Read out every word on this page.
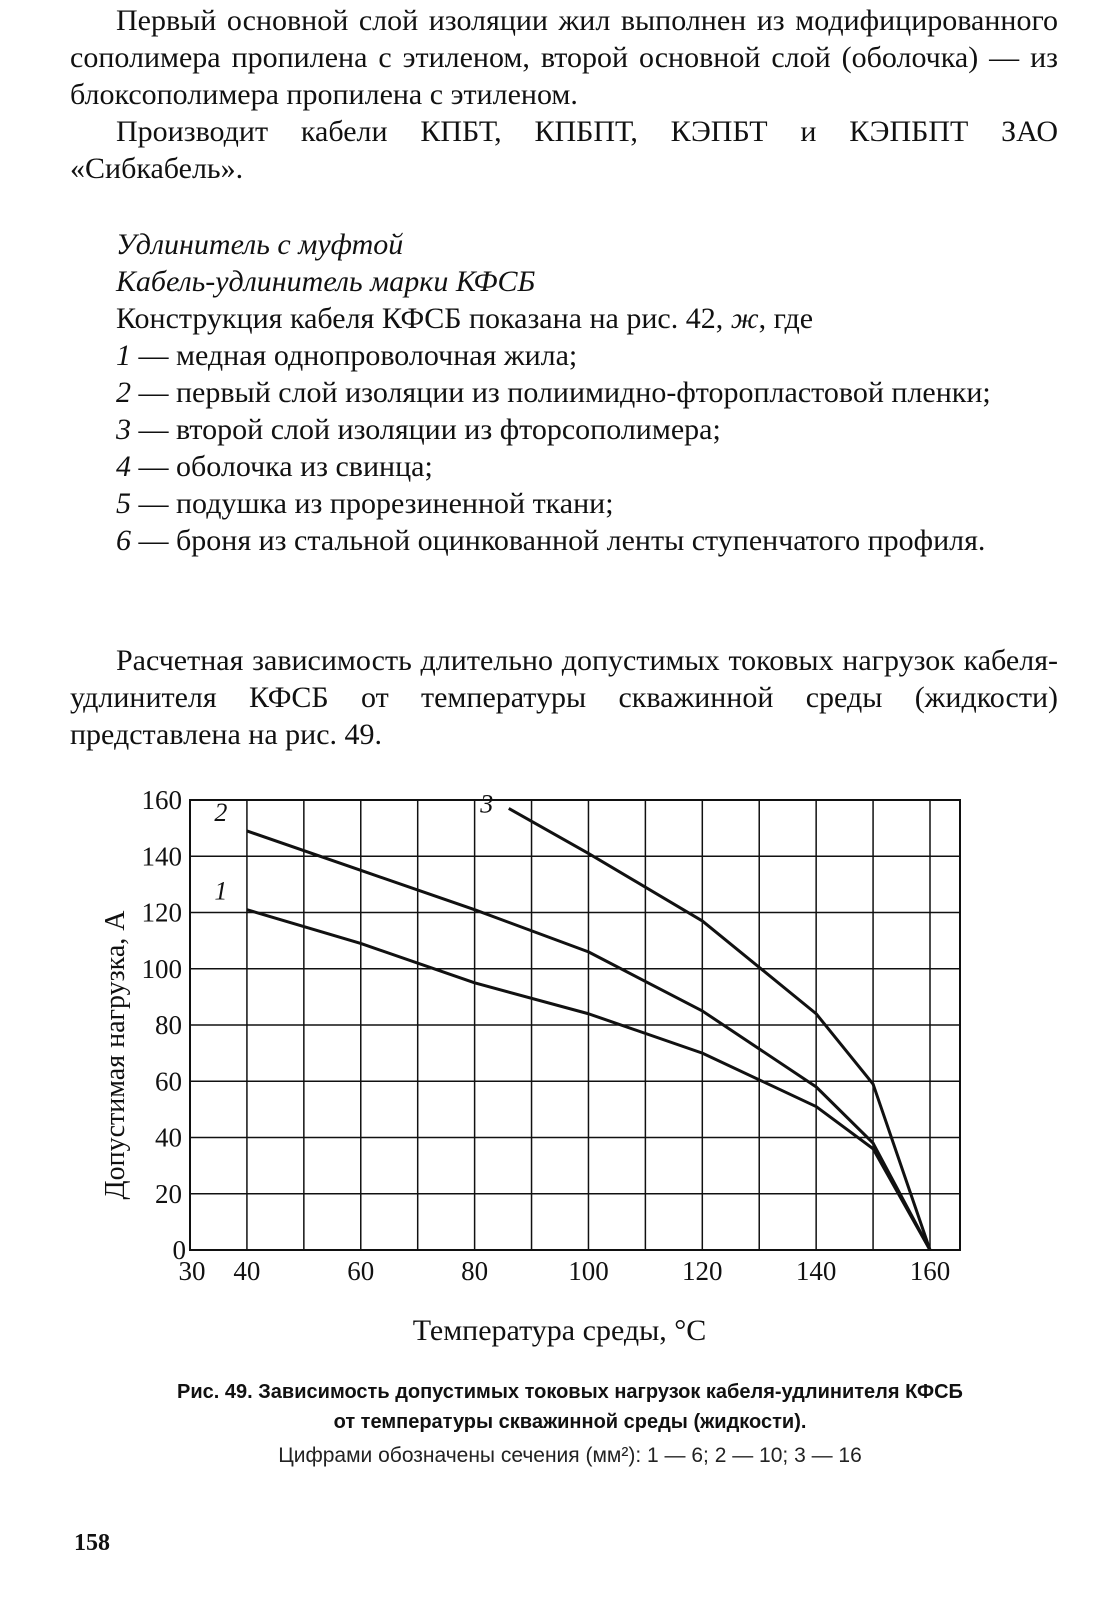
Первый основной слой изоляции жил выполнен из модифицированного сополимера пропилена с этиленом, второй основной слой (оболочка) — из блоксополимера пропилена с этиленом.

Производит кабели КПБТ, КПБПТ, КЭПБТ и КЭПБПТ ЗАО «Сибкабель».

Удлинитель с муфтой
Кабель-удлинитель марки КФСБ
Конструкция кабеля КФСБ показана на рис. 42, ж, где
1 — медная однопроволочная жила;
2 — первый слой изоляции из полиимидно-фторопластовой пленки;
3 — второй слой изоляции из фторсополимера;
4 — оболочка из свинца;
5 — подушка из прорезиненной ткани;
6 — броня из стальной оцинкованной ленты ступенчатого профиля.

Расчетная зависимость длительно допустимых токовых нагрузок кабеля-удлинителя КФСБ от температуры скважинной среды (жидкости) представлена на рис. 49.

0
20
40
60
80
100
120
140
160
30 40	60	80	100	120	140	160
Допустимая нагрузка, А
1
2	3
Температура среды, °С
Рис. 49. Зависимость допустимых токовых нагрузок кабеля-удлинителя КФСБ
от температуры скважинной среды (жидкости).
Цифрами обозначены сечения (мм²): 1 — 6; 2 — 10; 3 — 16
158
